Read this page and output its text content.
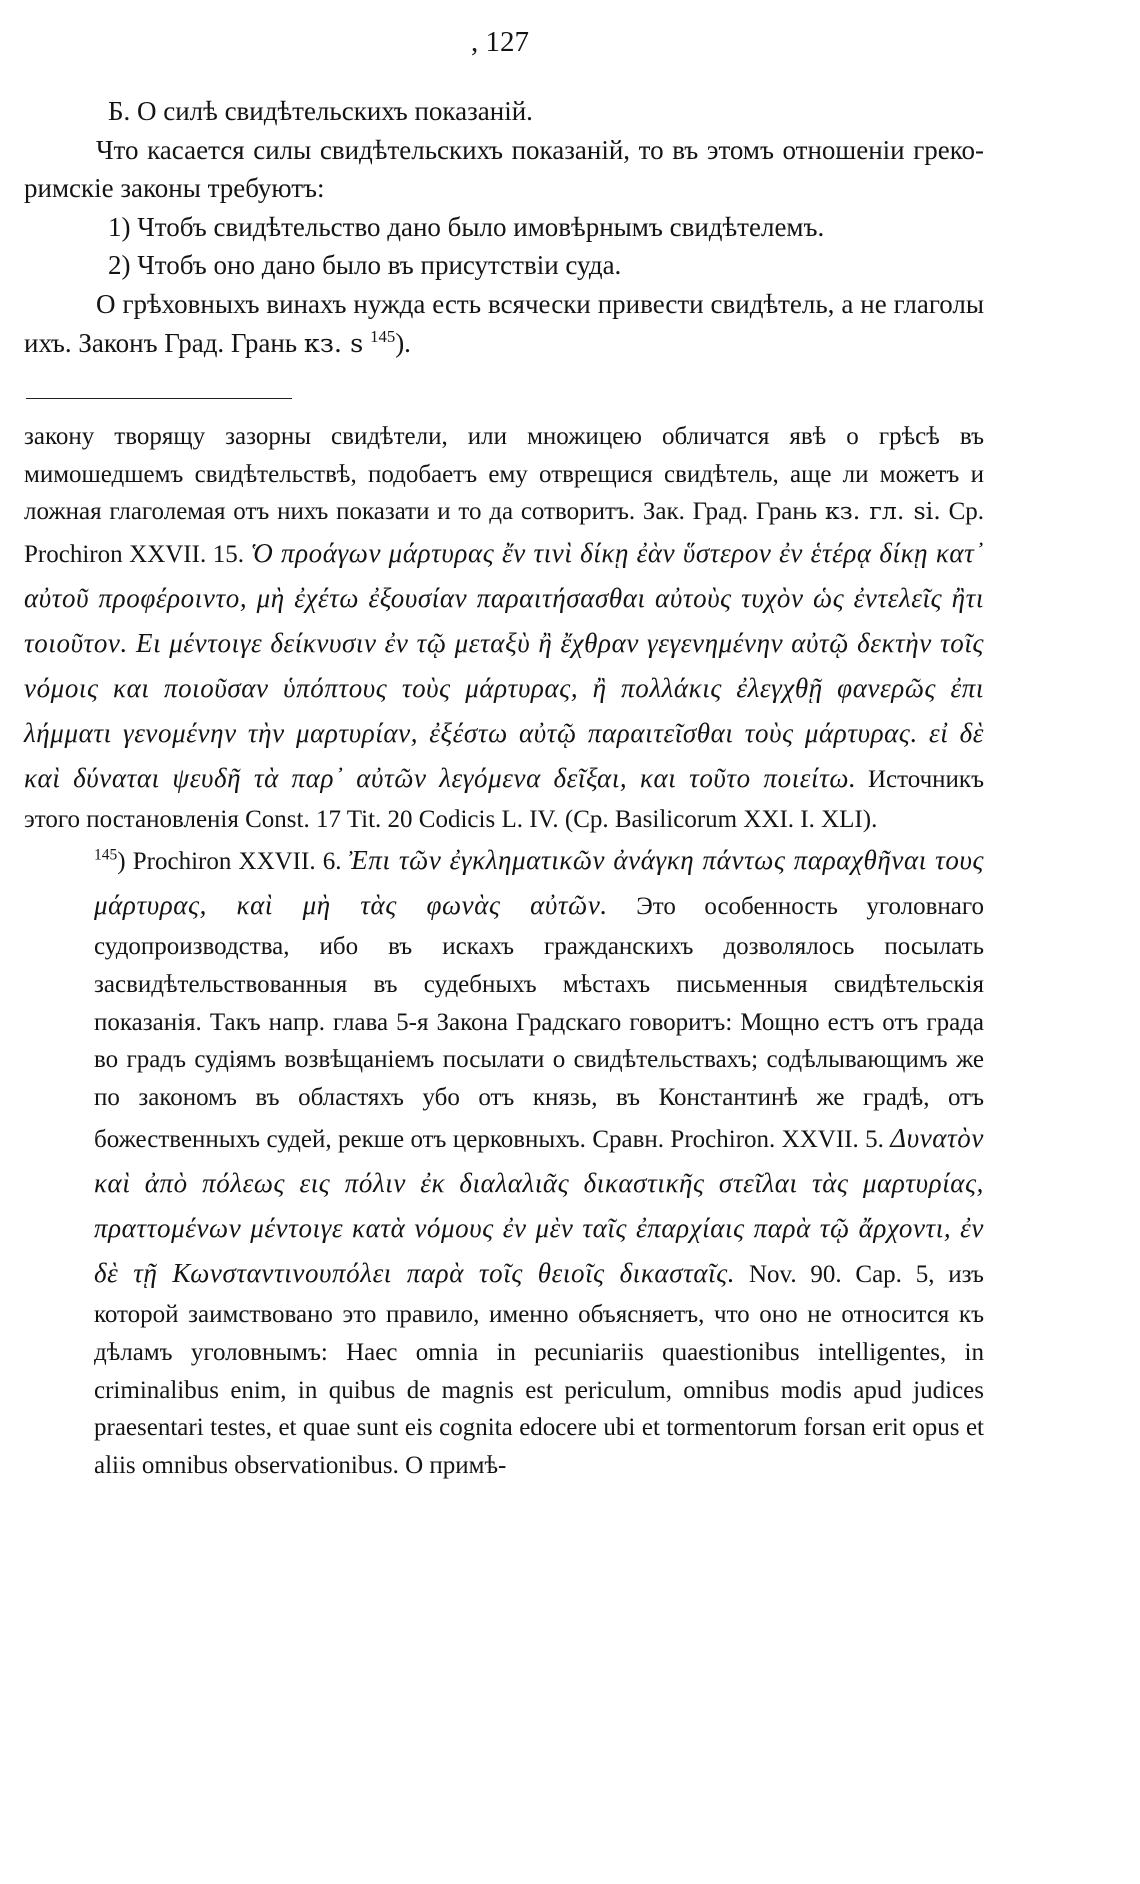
, 127

Б. О силѣ свидѣтельскихъ показаній.

Что касается силы свидѣтельскихъ показаній, то въ этомъ отношеніи греко-римскіе законы требуютъ:

1) Чтобъ свидѣтельство дано было имовѣрнымъ свидѣтелемъ.

2) Чтобъ оно дано было въ присутствіи суда.

О грѣховныхъ винахъ нужда есть всячески привести свидѣтель, а не глаголы ихъ. Законъ Град. Грань кз. ѕ $^{145}$).

закону творящу зазорны свидѣтели, или множицею обличатся явѣ о грѣсѣ въ мимошедшемъ свидѣтельствѣ, подобаетъ ему отврещися свидѣтель, аще ли можетъ и ложная глаголемая отъ нихъ показати и то да сотворитъ. Зак. Град. Грань кз. гл. ѕі. Ср. Prochiron XXVII. 15. Ὁ προάγων μάρτυρας ἔν τινὶ δίκῃ ἐὰν ὕστερον ἐν ἑτέρᾳ δίκῃ κατ᾽ αὐτοῦ προφέροιντο, μὴ ἐχέτω ἐξουσίαν παραιτήσασθαι αὐτοὺς τυχὸν ὡς ἐντελεῖς ἢτι τοιοῦτον. Ει μέντοιγε δείκνυσιν ἐν τῷ μεταξὺ ἢ ἔχθραν γεγενημένην αὐτῷ δεκτὴν τοῖς νόμοις και ποιοῦσαν ὑπόπτους τοὺς μάρτυρας, ἢ πολλάκις ἐλεγχθῇ φανερῶς ἐπι λήμματι γενομένην τὴν μαρτυρίαν, ἐξέστω αὐτῷ παραιτεῖσθαι τοὺς μάρτυρας. εἰ δὲ καὶ δύναται ψευδῆ τὰ παρ᾽ αὐτῶν λεγόμενα δεῖξαι, και τοῦτο ποιείτω. Источникъ этого постановленія Const. 17 Tit. 20 Codicis L. IV. (Cp. Basilicorum XXI. I. XLI).

$^{145}$) Prochiron XXVII. 6. Ἐπι τῶν ἐγκληματικῶν ἀνάγκη πάντως παραχθῆναι τους μάρτυρας, καὶ μὴ τὰς φωνὰς αὐτῶν. Это особенность уголовнаго судопроизводства, ибо въ искахъ гражданскихъ дозволялось посылать засвидѣтельствованныя въ судебныхъ мѣстахъ письменныя свидѣтельскія показанія. Такъ напр. глава 5-я Закона Градскаго говоритъ: Мощно естъ отъ града во градъ судіямъ возвѣщаніемъ посылати о свидѣтельствахъ; содѣлывающимъ же по закономъ въ областяхъ убо отъ князь, въ Константинѣ же градѣ, отъ божественныхъ судей, рекше отъ церковныхъ. Сравн. Prochiron. XXVII. 5. Δυνατὸν καὶ ἀπὸ πόλεως εις πόλιν ἐκ διαλαλιᾶς δικαστικῆς στεῖλαι τὰς μαρτυρίας, πραττομένων μέντοιγε κατὰ νόμους ἐν μὲν ταῖς ἐπαρχίαις παρὰ τῷ ἄρχοντι, ἐν δὲ τῇ Κωνσταντινουπόλει παρὰ τοῖς θειοῖς δικασταῖς. Nov. 90. Cap. 5, изъ которой заимствовано это правило, именно объясняетъ, что оно не относится къ дѣламъ уголовнымъ: Haec omnia in pecuniariis quaestionibus intelligentes, in criminalibus enim, in quibus de magnis est periculum, omnibus modis apud judices praesentari testes, et quae sunt eis cognita edocere ubi et tormentorum forsan erit opus et aliis omnibus observationibus. О примѣ-
